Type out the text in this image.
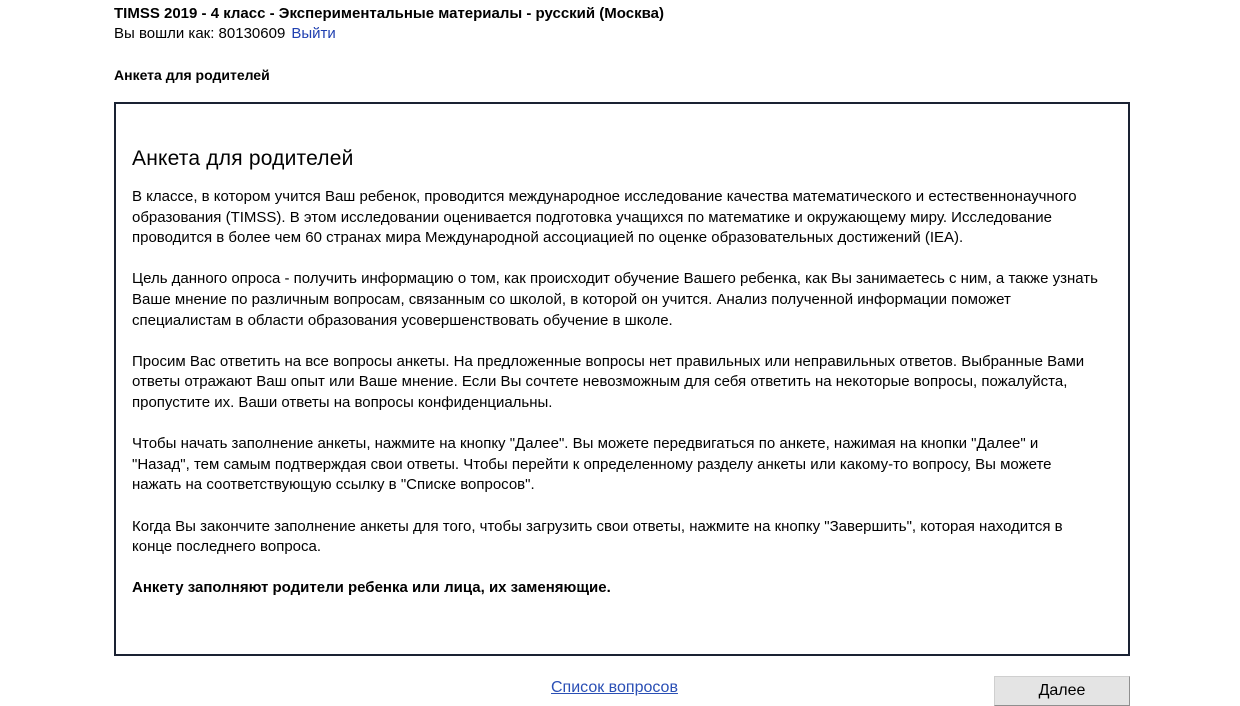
TIMSS 2019 - 4 класс - Экспериментальные материалы - русский (Москва)

Вы вошли как: 80130609 Выйти

Анкета для родителей
Анкета для родителей

В классе, в котором учится Ваш ребенок, проводится международное исследование качества математического и естественнонаучного образования (TIMSS). В этом исследовании оценивается подготовка учащихся по математике и окружающему миру. Исследование проводится в более чем 60 странах мира Международной ассоциацией по оценке образовательных достижений (IEA).

Цель данного опроса - получить информацию о том, как происходит обучение Вашего ребенка, как Вы занимаетесь с ним, а также узнать Ваше мнение по различным вопросам, связанным со школой, в которой он учится. Анализ полученной информации поможет специалистам в области образования усовершенствовать обучение в школе.

Просим Вас ответить на все вопросы анкеты. На предложенные вопросы нет правильных или неправильных ответов. Выбранные Вами ответы отражают Ваш опыт или Ваше мнение. Если Вы сочтете невозможным для себя ответить на некоторые вопросы, пожалуйста, пропустите их. Ваши ответы на вопросы конфиденциальны.

Чтобы начать заполнение анкеты, нажмите на кнопку "Далее". Вы можете передвигаться по анкете, нажимая на кнопки "Далее" и "Назад", тем самым подтверждая свои ответы. Чтобы перейти к определенному разделу анкеты или какому-то вопросу, Вы можете нажать на соответствующую ссылку в "Списке вопросов".

Когда Вы закончите заполнение анкеты для того, чтобы загрузить свои ответы, нажмите на кнопку "Завершить", которая находится в конце последнего вопроса.

Анкету заполняют родители ребенка или лица, их заменяющие.

Список вопросов	Далее
